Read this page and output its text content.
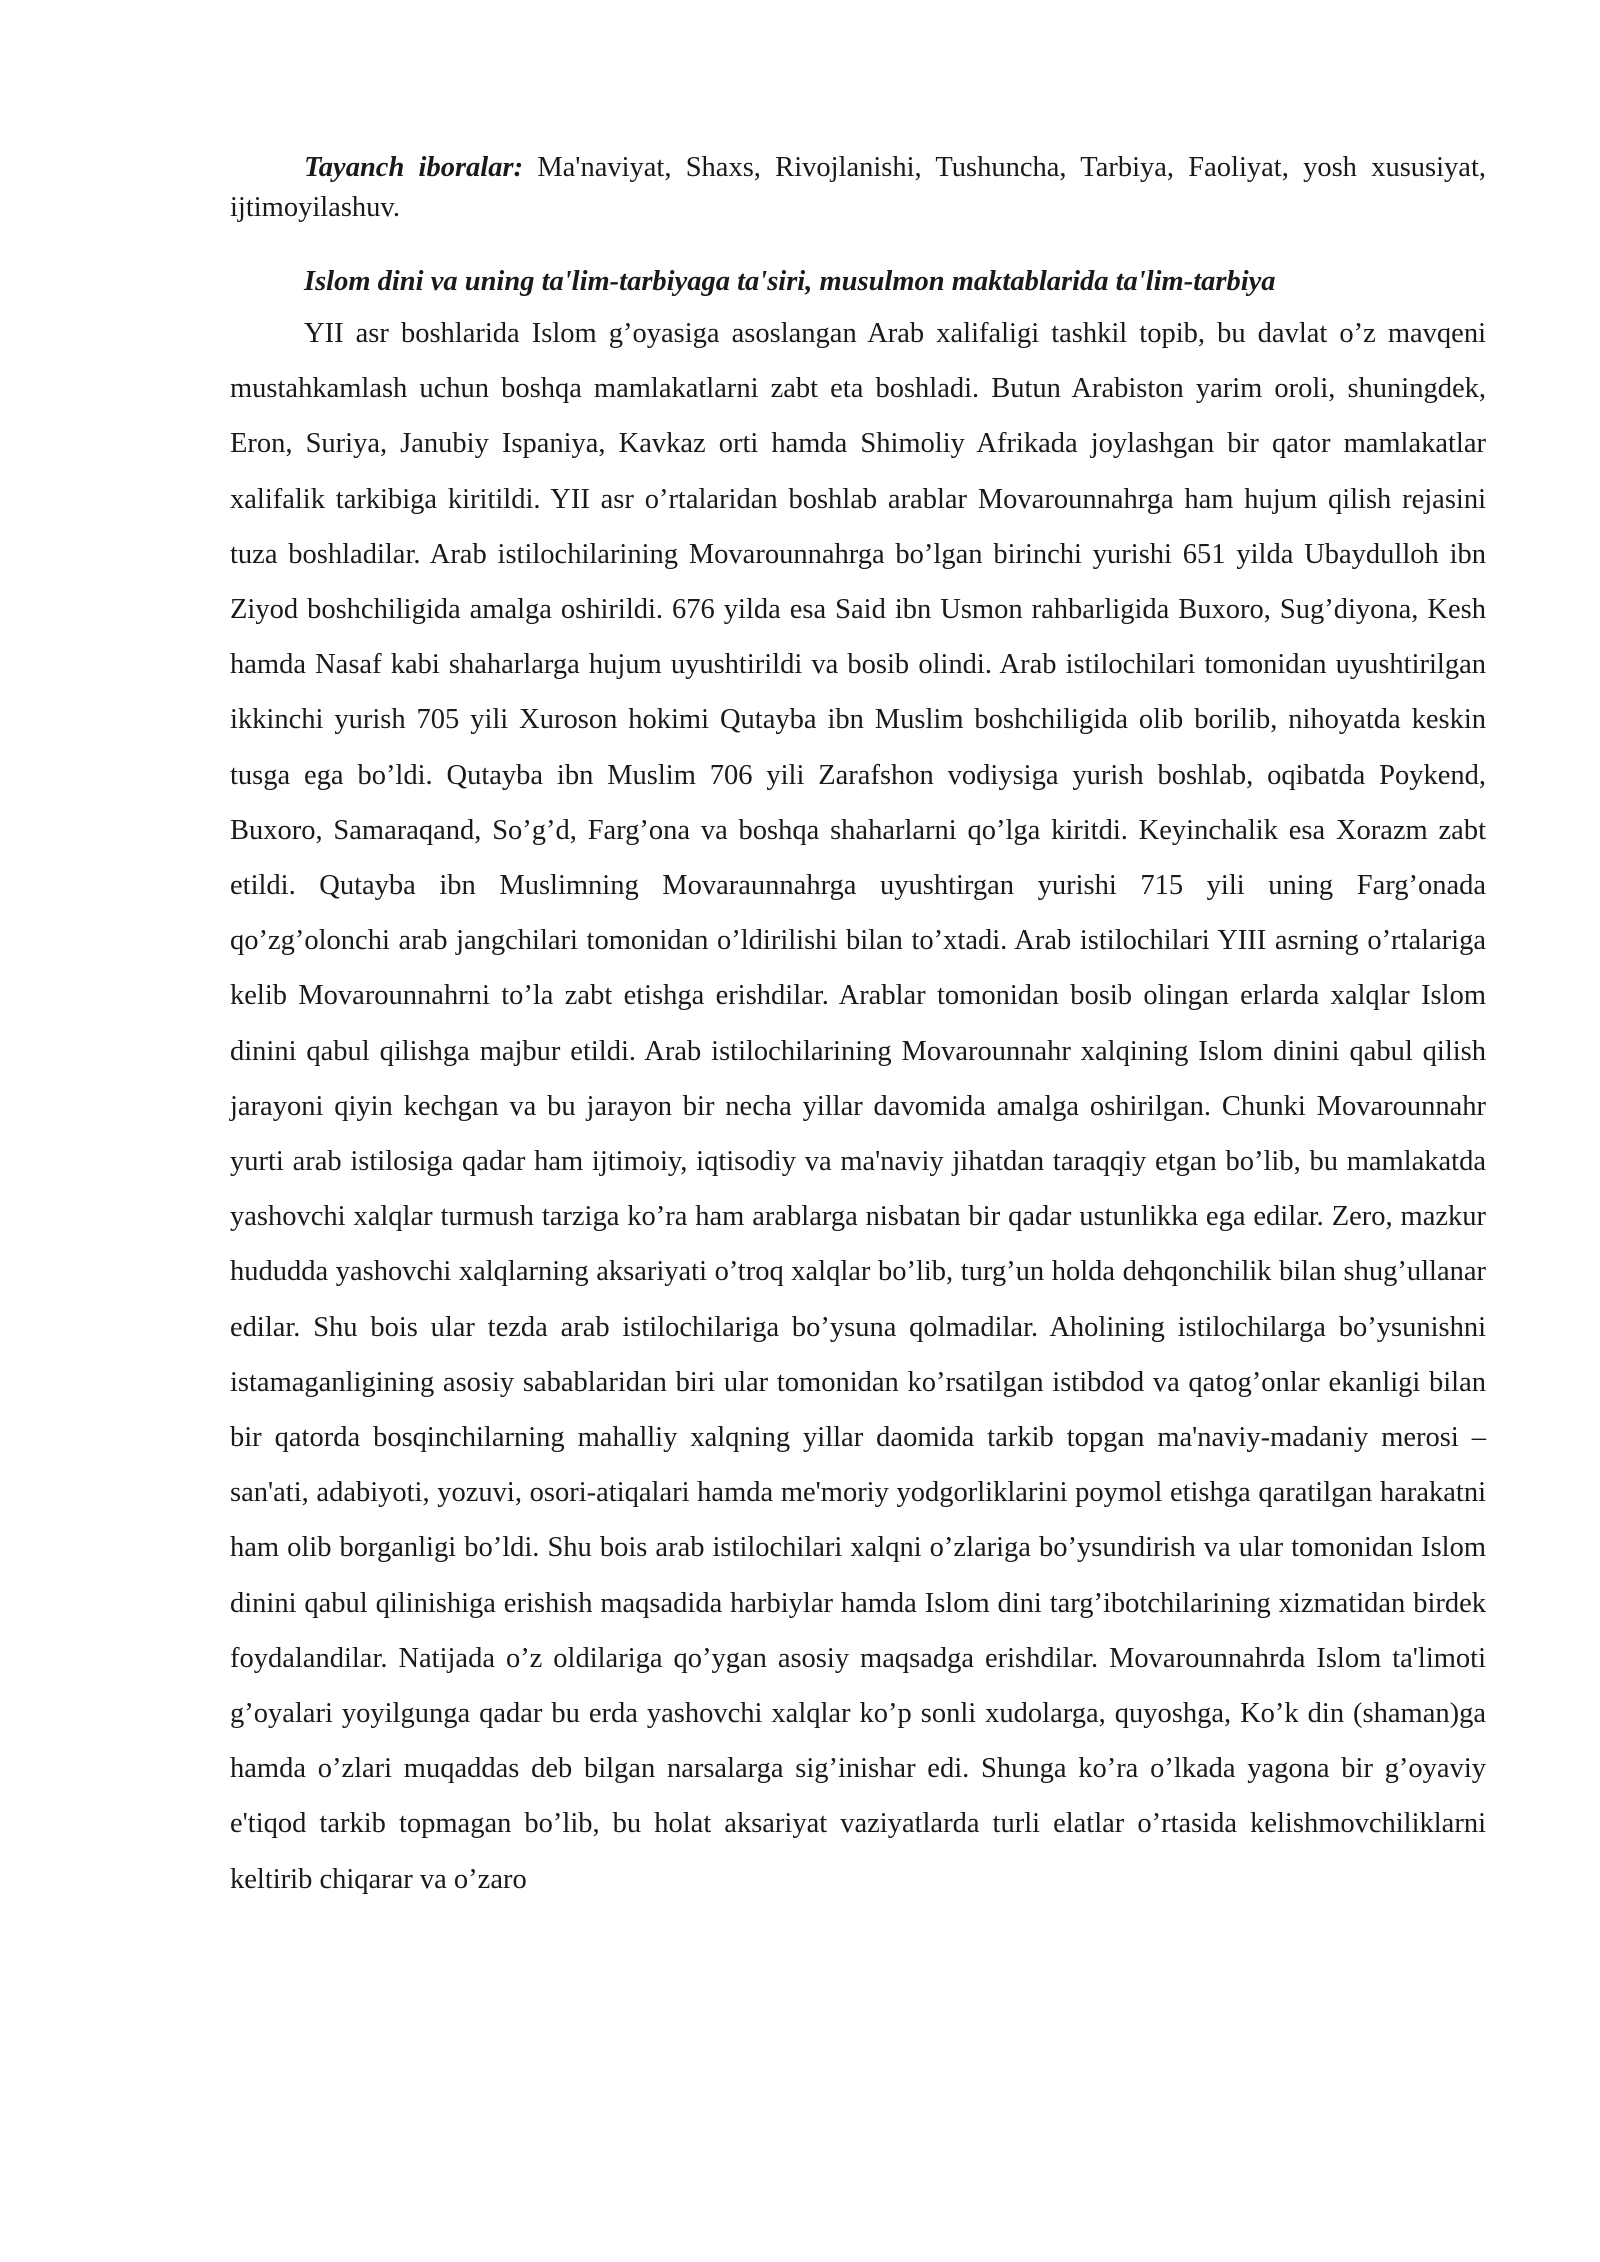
Tayanch iboralar: Ma'naviyat, Shaxs, Rivojlanishi, Tushuncha, Tarbiya, Faoliyat, yosh xususiyat, ijtimoyilashuv.

Islom dini va uning ta'lim-tarbiyaga ta'siri, musulmon maktablarida ta'lim-tarbiya

YII asr boshlarida Islom g’oyasiga asoslangan Arab xalifaligi tashkil topib, bu davlat o’z mavqeni mustahkamlash uchun boshqa mamlakatlarni zabt eta boshladi. Butun Arabiston yarim oroli, shuningdek, Eron, Suriya, Janubiy Ispaniya, Kavkaz orti hamda Shimoliy Afrikada joylashgan bir qator mamlakatlar xalifalik tarkibiga kiritildi. YII asr o’rtalaridan boshlab arablar Movarounnahrga ham hujum qilish rejasini tuza boshladilar. Arab istilochilarining Movarounnahrga bo’lgan birinchi yurishi 651 yilda Ubaydulloh ibn Ziyod boshchiligida amalga oshirildi. 676 yilda esa Said ibn Usmon rahbarligida Buxoro, Sug’diyona, Kesh hamda Nasaf kabi shaharlarga hujum uyushtirildi va bosib olindi. Arab istilochilari tomonidan uyushtirilgan ikkinchi yurish 705 yili Xuroson hokimi Qutayba ibn Muslim boshchiligida olib borilib, nihoyatda keskin tusga ega bo’ldi. Qutayba ibn Muslim 706 yili Zarafshon vodiysiga yurish boshlab, oqibatda Poykend, Buxoro, Samaraqand, So’g’d, Farg’ona va boshqa shaharlarni qo’lga kiritdi. Keyinchalik esa Xorazm zabt etildi. Qutayba ibn Muslimning Movaraunnahrga uyushtirgan yurishi 715 yili uning Farg’onada qo’zg’olonchi arab jangchilari tomonidan o’ldirilishi bilan to’xtadi. Arab istilochilari YIII asrning o’rtalariga kelib Movarounnahrni to’la zabt etishga erishdilar. Arablar tomonidan bosib olingan erlarda xalqlar Islom dinini qabul qilishga majbur etildi. Arab istilochilarining Movarounnahr xalqining Islom dinini qabul qilish jarayoni qiyin kechgan va bu jarayon bir necha yillar davomida amalga oshirilgan. Chunki Movarounnahr yurti arab istilosiga qadar ham ijtimoiy, iqtisodiy va ma'naviy jihatdan taraqqiy etgan bo’lib, bu mamlakatda yashovchi xalqlar turmush tarziga ko’ra ham arablarga nisbatan bir qadar ustunlikka ega edilar. Zero, mazkur hududda yashovchi xalqlarning aksariyati o’troq xalqlar bo’lib, turg’un holda dehqonchilik bilan shug’ullanar edilar. Shu bois ular tezda arab istilochilariga bo’ysuna qolmadilar. Aholining istilochilarga bo’ysunishni istamaganligining asosiy sabablaridan biri ular tomonidan ko’rsatilgan istibdod va qatog’onlar ekanligi bilan bir qatorda bosqinchilarning mahalliy xalqning yillar daomida tarkib topgan ma'naviy-madaniy merosi – san'ati, adabiyoti, yozuvi, osori-atiqalari hamda me'moriy yodgorliklarini poymol etishga qaratilgan harakatni ham olib borganligi bo’ldi. Shu bois arab istilochilari xalqni o’zlariga bo’ysundirish va ular tomonidan Islom dinini qabul qilinishiga erishish maqsadida harbiylar hamda Islom dini targ’ibotchilarining xizmatidan birdek foydalandilar. Natijada o’z oldilariga qo’ygan asosiy maqsadga erishdilar. Movarounnahrda Islom ta'limoti g’oyalari yoyilgunga qadar bu erda yashovchi xalqlar ko’p sonli xudolarga, quyoshga, Ko’k din (shaman)ga hamda o’zlari muqaddas deb bilgan narsalarga sig’inishar edi. Shunga ko’ra o’lkada yagona bir g’oyaviy e'tiqod tarkib topmagan bo’lib, bu holat aksariyat vaziyatlarda turli elatlar o’rtasida kelishmovchiliklarni keltirib chiqarar va o’zaro
